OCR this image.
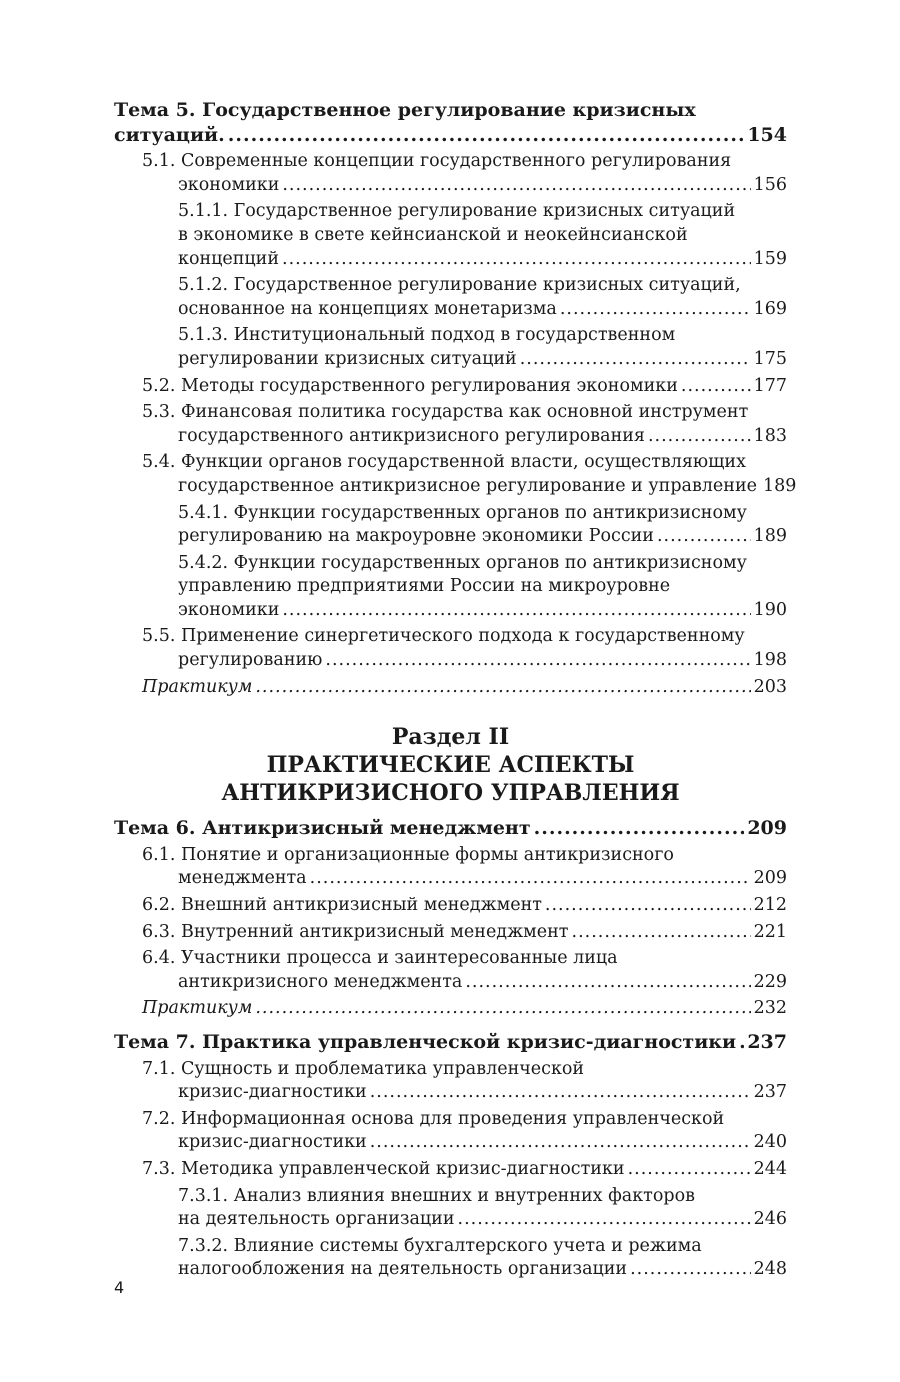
Тема 5. Государственное регулирование кризисных
ситуаций. .....	154
5.1. Современные концепции государственного регулирования
экономики .....	156
5.1.1. Государственное регулирование кризисных ситуаций
в экономике в свете кейнсианской и неокейнсианской
концепций .....	159
5.1.2. Государственное регулирование кризисных ситуаций,
основанное на концепциях монетаризма .....	169
5.1.3. Институциональный подход в государственном
регулировании кризисных ситуаций .....	175
5.2. Методы государственного регулирования экономики .....	177
5.3. Финансовая политика государства как основной инструмент
государственного антикризисного регулирования .....	183
5.4. Функции органов государственной власти, осуществляющих
государственное антикризисное регулирование и управление 189
5.4.1. Функции государственных органов по антикризисному
регулированию на макроуровне экономики России .....	189
5.4.2. Функции государственных органов по антикризисному
управлению предприятиями России на микроуровне
экономики .....	190
5.5. Применение синергетического подхода к государственному
регулированию .....	198
Практикум .....	203
Раздел II
ПРАКТИЧЕСКИЕ АСПЕКТЫ
АНТИКРИЗИСНОГО УПРАВЛЕНИЯ
Тема 6. Антикризисный менеджмент .....	209
6.1. Понятие и организационные формы антикризисного
менеджмента .....	209
6.2. Внешний антикризисный менеджмент .....	212
6.3. Внутренний антикризисный менеджмент .....	221
6.4. Участники процесса и заинтересованные лица
антикризисного менеджмента .....	229
Практикум .....	232
Тема 7. Практика управленческой кризис-диагностики ..... 237
7.1. Сущность и проблематика управленческой
кризис-диагностики .....	237
7.2. Информационная основа для проведения управленческой
кризис-диагностики .....	240
7.3. Методика управленческой кризис-диагностики .....	244
7.3.1. Анализ влияния внешних и внутренних факторов
на деятельность организации .....	246
7.3.2. Влияние системы бухгалтерского учета и режима
налогообложения на деятельность организации .....	248
4
